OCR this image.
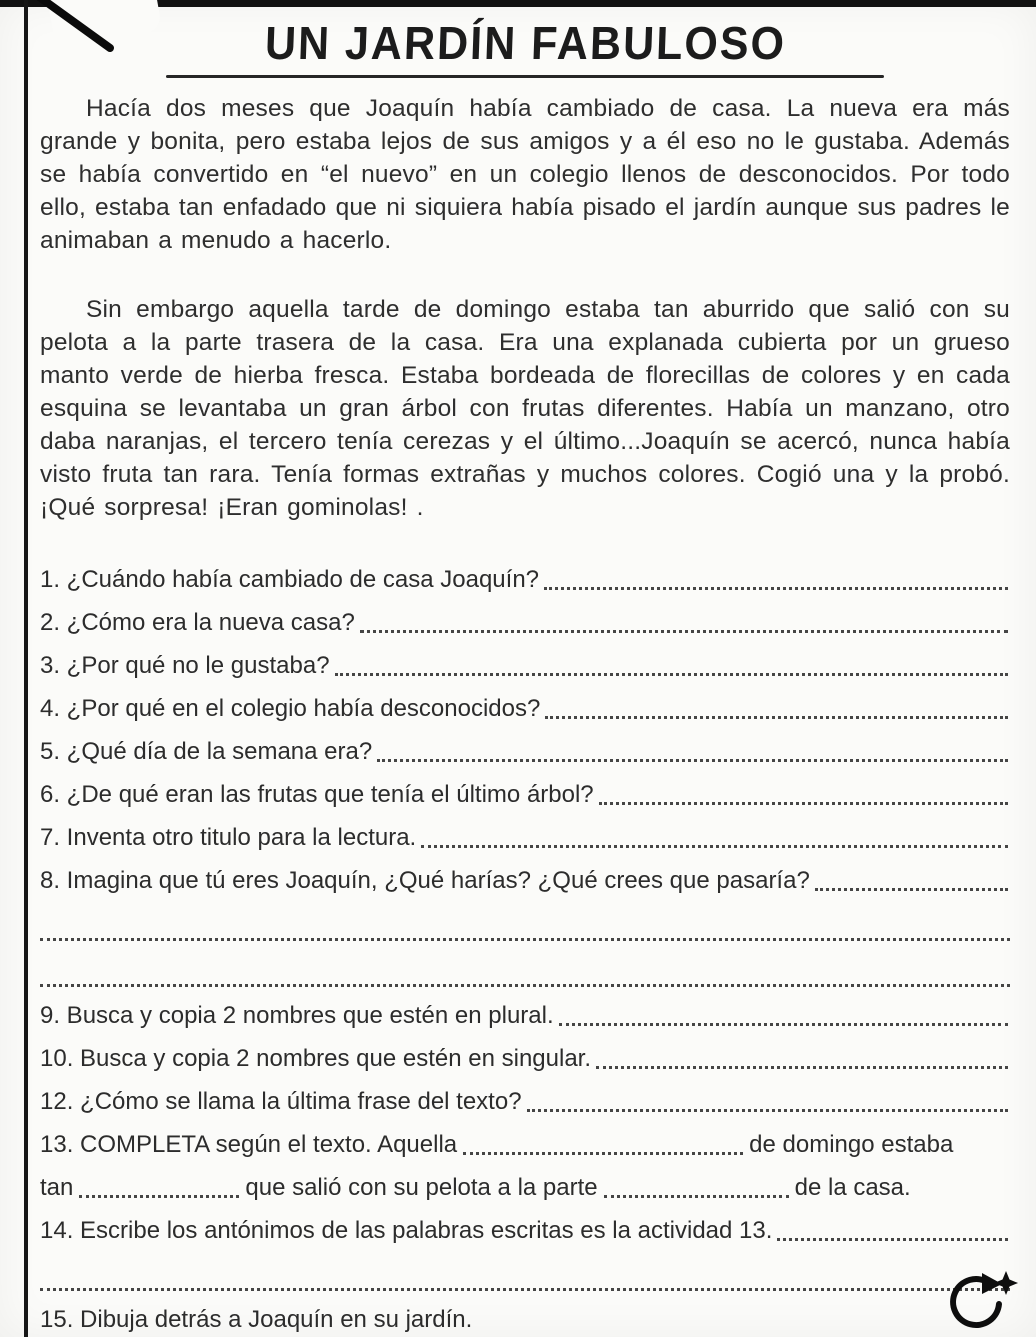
UN JARDÍN FABULOSO

Hacía dos meses que Joaquín había cambiado de casa. La nueva era más grande y bonita, pero estaba lejos de sus amigos y a él eso no le gustaba. Además se había convertido en “el nuevo” en un colegio llenos de desconocidos. Por todo ello, estaba tan enfadado que ni siquiera había pisado el jardín aunque sus padres le animaban a menudo a hacerlo.

Sin embargo aquella tarde de domingo estaba tan aburrido que salió con su pelota a la parte trasera de la casa. Era una explanada cubierta por un grueso manto verde de hierba fresca. Estaba bordeada de florecillas de colores y en cada esquina se levantaba un gran árbol con frutas diferentes. Había un manzano, otro daba naranjas, el tercero tenía cerezas y el último...Joaquín se acercó, nunca había visto fruta tan rara. Tenía formas extrañas y muchos colores. Cogió una y la probó. ¡Qué sorpresa! ¡Eran gominolas! .

1. ¿Cuándo había cambiado de casa Joaquín?
2. ¿Cómo era la nueva casa?
3. ¿Por qué no le gustaba?
4. ¿Por qué en el colegio había desconocidos?
5. ¿Qué día de la semana era?
6. ¿De qué eran las frutas que tenía el último árbol?
7. Inventa otro titulo para la lectura.
8. Imagina que tú eres Joaquín, ¿Qué harías? ¿Qué crees que pasaría?
9. Busca y copia 2 nombres que estén en plural.
10. Busca y copia 2 nombres que estén en singular.
12. ¿Cómo se llama la última frase del texto?
13. COMPLETA según el texto. Aquella	de domingo estaba
tan	que salió con su pelota a la parte	de la casa.
14. Escribe los antónimos de las palabras escritas es la actividad 13.
15. Dibuja detrás a Joaquín en su jardín.
